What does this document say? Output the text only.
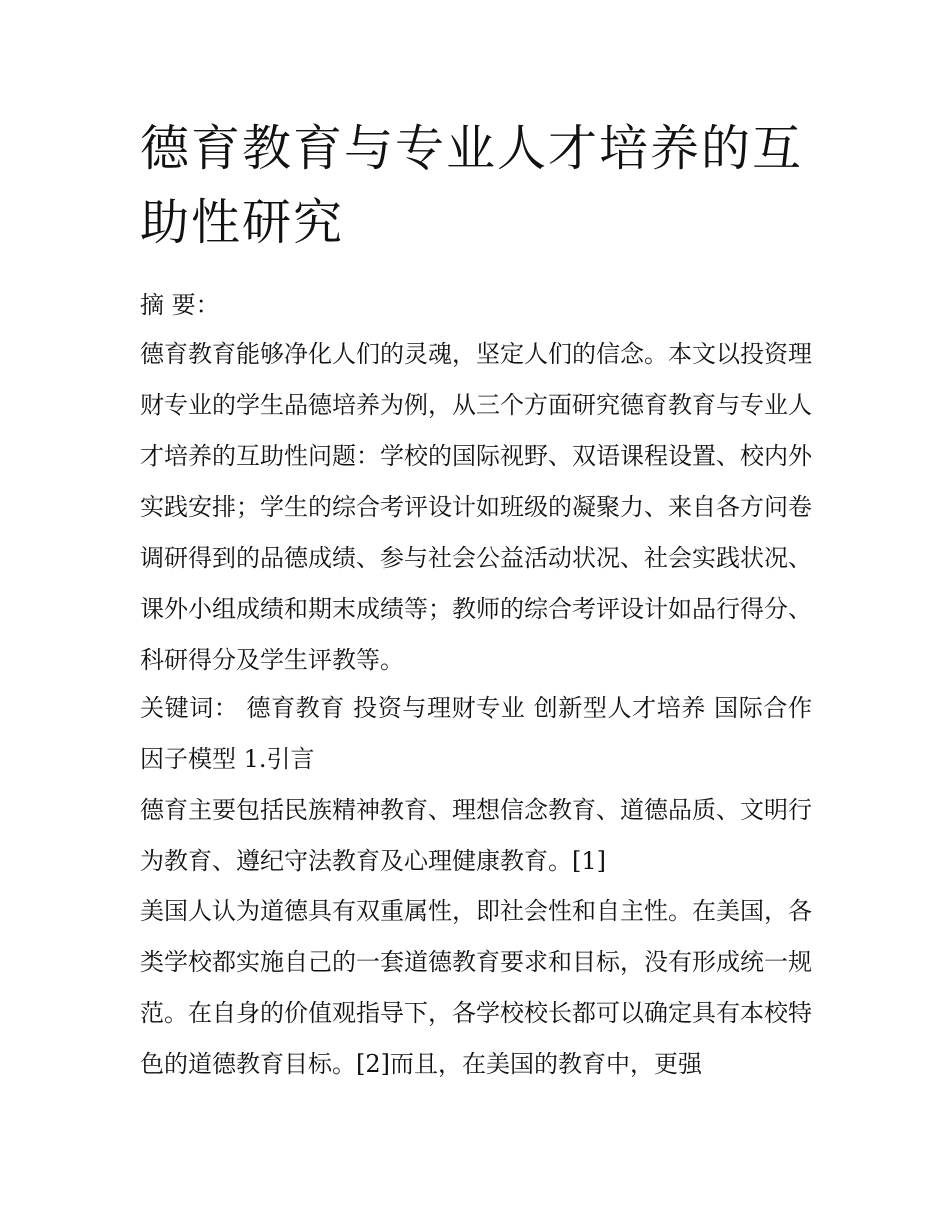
德育教育与专业人才培养的互助性研究

摘 要：

德育教育能够净化人们的灵魂，坚定人们的信念。本文以投资理财专业的学生品德培养为例，从三个方面研究德育教育与专业人才培养的互助性问题：学校的国际视野、双语课程设置、校内外实践安排；学生的综合考评设计如班级的凝聚力、来自各方问卷调研得到的品德成绩、参与社会公益活动状况、社会实践状况、课外小组成绩和期末成绩等；教师的综合考评设计如品行得分、科研得分及学生评教等。

关键词： 德育教育 投资与理财专业 创新型人才培养 国际合作 因子模型 1.引言

德育主要包括民族精神教育、理想信念教育、道德品质、文明行为教育、遵纪守法教育及心理健康教育。[1]

美国人认为道德具有双重属性，即社会性和自主性。在美国，各类学校都实施自己的一套道德教育要求和目标，没有形成统一规范。在自身的价值观指导下，各学校校长都可以确定具有本校特色的道德教育目标。[2]而且，在美国的教育中，更强
